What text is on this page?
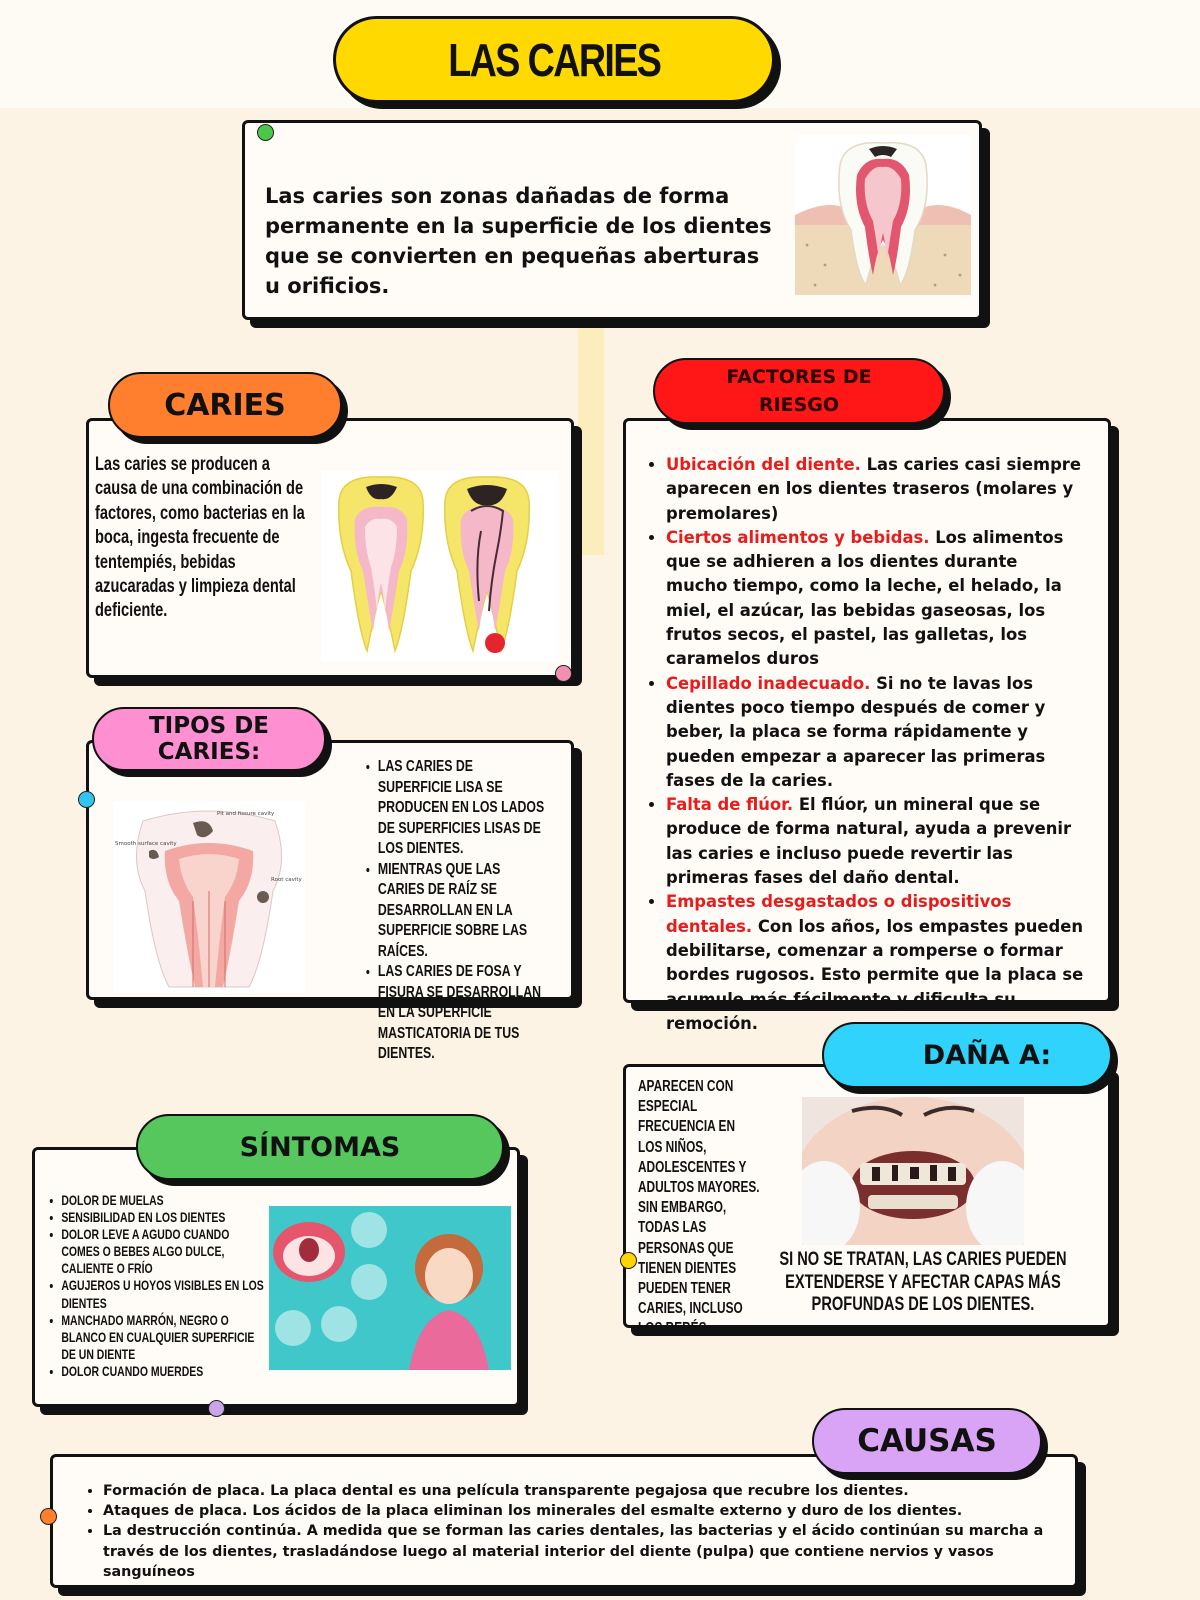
LAS CARIES

Las caries son zonas dañadas de forma permanente en la superficie de los dientes que se convierten en pequeñas aberturas u orificios.

Las caries se producen a causa de una combinación de factores, como bacterias en la boca, ingesta frecuente de tentempiés, bebidas azucaradas y limpieza dental deficiente.

CARIES
Pit and fissure cavity
Smooth surface cavity
Root cavity
• LAS CARIES DE SUPERFICIE LISA SE PRODUCEN EN LOS LADOS DE SUPERFICIES LISAS DE LOS DIENTES.
• MIENTRAS QUE LAS CARIES DE RAÍZ SE DESARROLLAN EN LA SUPERFICIE SOBRE LAS RAÍCES.
• LAS CARIES DE FOSA Y FISURA SE DESARROLLAN EN LA SUPERFICIE MASTICATORIA DE TUS DIENTES.
TIPOS DE CARIES:
• Ubicación del diente. Las caries casi siempre aparecen en los dientes traseros (molares y premolares)
• Ciertos alimentos y bebidas. Los alimentos que se adhieren a los dientes durante mucho tiempo, como la leche, el helado, la miel, el azúcar, las bebidas gaseosas, los frutos secos, el pastel, las galletas, los caramelos duros
• Cepillado inadecuado. Si no te lavas los dientes poco tiempo después de comer y beber, la placa se forma rápidamente y pueden empezar a aparecer las primeras fases de la caries.
• Falta de flúor. El flúor, un mineral que se produce de forma natural, ayuda a prevenir las caries e incluso puede revertir las primeras fases del daño dental.
• Empastes desgastados o dispositivos dentales. Con los años, los empastes pueden debilitarse, comenzar a romperse o formar bordes rugosos. Esto permite que la placa se acumule más fácilmente y dificulta su remoción.
FACTORES DE RIESGO

APARECEN CON ESPECIAL FRECUENCIA EN LOS NIÑOS, ADOLESCENTES Y ADULTOS MAYORES. SIN EMBARGO, TODAS LAS PERSONAS QUE TIENEN DIENTES PUEDEN TENER CARIES, INCLUSO LOS BEBÉS.

SI NO SE TRATAN, LAS CARIES PUEDEN EXTENDERSE Y AFECTAR CAPAS MÁS PROFUNDAS DE LOS DIENTES.

DAÑA A:
• DOLOR DE MUELAS
• SENSIBILIDAD EN LOS DIENTES
• DOLOR LEVE A AGUDO CUANDO COMES O BEBES ALGO DULCE, CALIENTE O FRÍO
• AGUJEROS U HOYOS VISIBLES EN LOS DIENTES
• MANCHADO MARRÓN, NEGRO O BLANCO EN CUALQUIER SUPERFICIE DE UN DIENTE
• DOLOR CUANDO MUERDES
SÍNTOMAS
• Formación de placa. La placa dental es una película transparente pegajosa que recubre los dientes.
• Ataques de placa. Los ácidos de la placa eliminan los minerales del esmalte externo y duro de los dientes.
• La destrucción continúa. A medida que se forman las caries dentales, las bacterias y el ácido continúan su marcha a través de los dientes, trasladándose luego al material interior del diente (pulpa) que contiene nervios y vasos sanguíneos
CAUSAS
